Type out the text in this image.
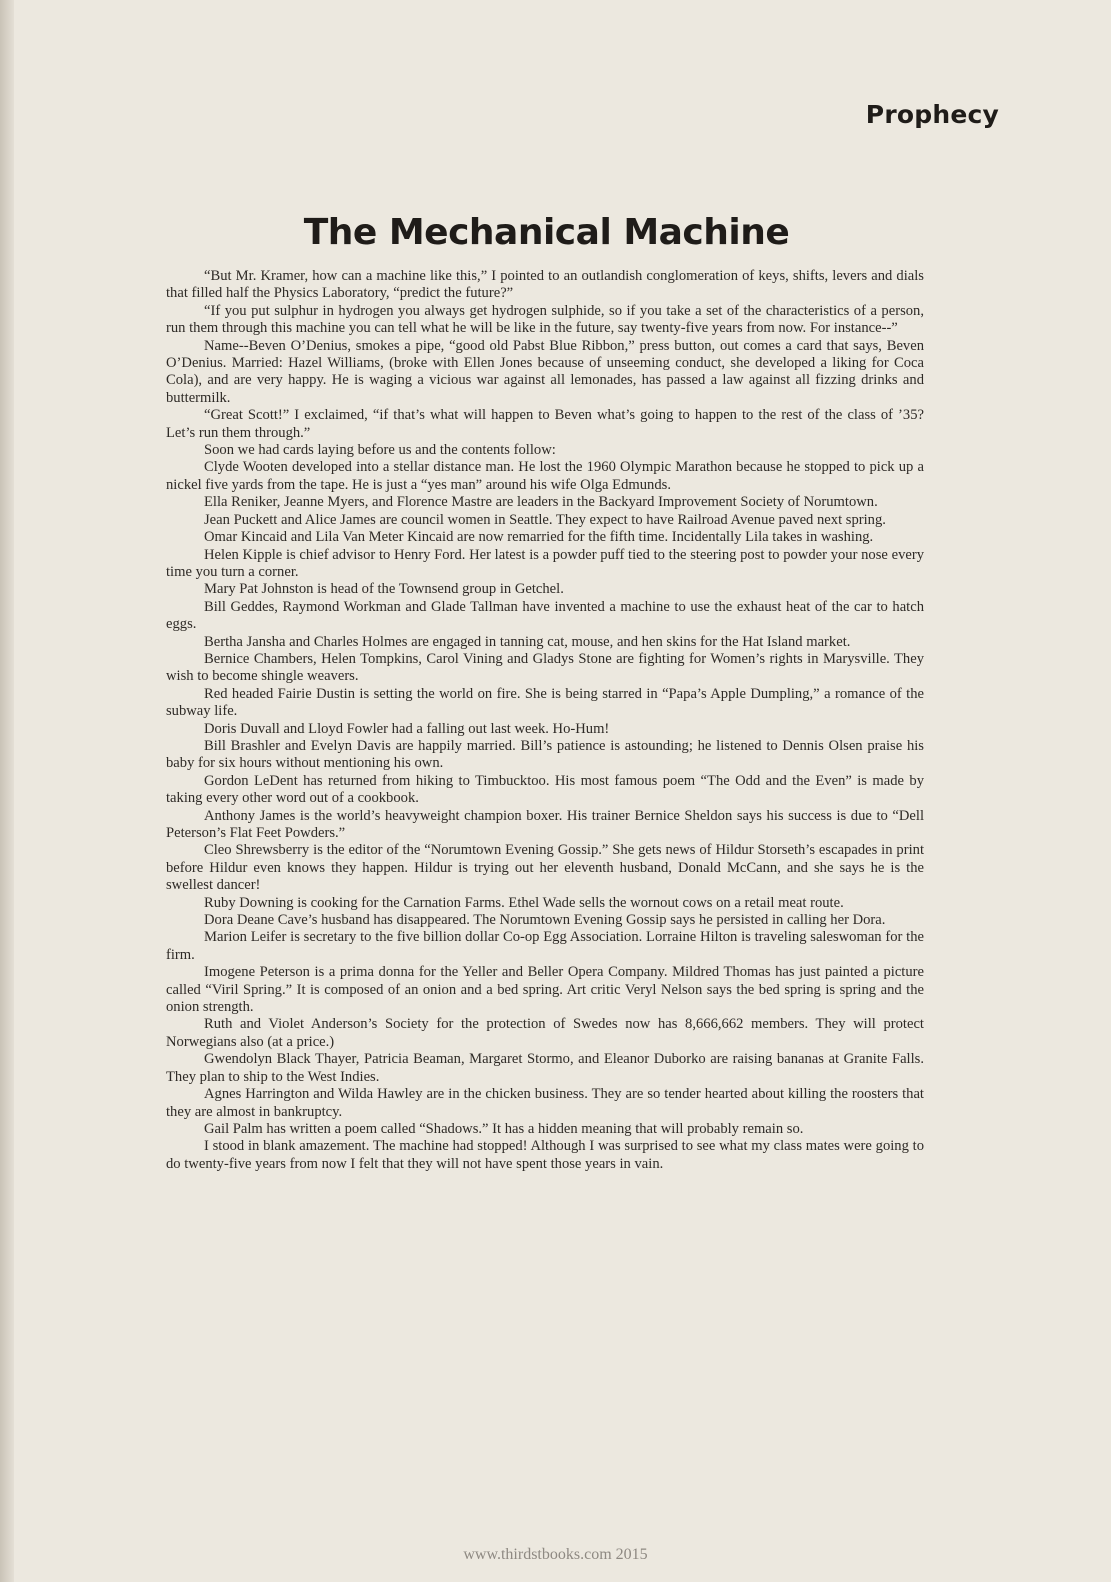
Prophecy
The Mechanical Machine

“But Mr. Kramer, how can a machine like this,” I pointed to an outlandish conglomeration of keys, shifts, levers and dials that filled half the Physics Laboratory, “predict the future?”

“If you put sulphur in hydrogen you always get hydrogen sulphide, so if you take a set of the characteristics of a person, run them through this machine you can tell what he will be like in the future, say twenty-five years from now. For instance--”

Name--Beven O’Denius, smokes a pipe, “good old Pabst Blue Ribbon,” press button, out comes a card that says, Beven O’Denius. Married: Hazel Williams, (broke with Ellen Jones because of unseeming conduct, she developed a liking for Coca Cola), and are very happy. He is waging a vicious war against all lemonades, has passed a law against all fizzing drinks and buttermilk.

“Great Scott!” I exclaimed, “if that’s what will happen to Beven what’s going to happen to the rest of the class of ’35? Let’s run them through.”

Soon we had cards laying before us and the contents follow:

Clyde Wooten developed into a stellar distance man. He lost the 1960 Olympic Marathon because he stopped to pick up a nickel five yards from the tape. He is just a “yes man” around his wife Olga Edmunds.

Ella Reniker, Jeanne Myers, and Florence Mastre are leaders in the Backyard Improvement Society of Norumtown.

Jean Puckett and Alice James are council women in Seattle. They expect to have Railroad Avenue paved next spring.

Omar Kincaid and Lila Van Meter Kincaid are now remarried for the fifth time. Incidentally Lila takes in washing.

Helen Kipple is chief advisor to Henry Ford. Her latest is a powder puff tied to the steering post to powder your nose every time you turn a corner.

Mary Pat Johnston is head of the Townsend group in Getchel.

Bill Geddes, Raymond Workman and Glade Tallman have invented a machine to use the exhaust heat of the car to hatch eggs.

Bertha Jansha and Charles Holmes are engaged in tanning cat, mouse, and hen skins for the Hat Island market.

Bernice Chambers, Helen Tompkins, Carol Vining and Gladys Stone are fighting for Women’s rights in Marysville. They wish to become shingle weavers.

Red headed Fairie Dustin is setting the world on fire. She is being starred in “Papa’s Apple Dumpling,” a romance of the subway life.

Doris Duvall and Lloyd Fowler had a falling out last week. Ho-Hum!

Bill Brashler and Evelyn Davis are happily married. Bill’s patience is astounding; he listened to Dennis Olsen praise his baby for six hours without mentioning his own.

Gordon LeDent has returned from hiking to Timbucktoo. His most famous poem “The Odd and the Even” is made by taking every other word out of a cookbook.

Anthony James is the world’s heavyweight champion boxer. His trainer Bernice Sheldon says his success is due to “Dell Peterson’s Flat Feet Powders.”

Cleo Shrewsberry is the editor of the “Norumtown Evening Gossip.” She gets news of Hildur Storseth’s escapades in print before Hildur even knows they happen. Hildur is trying out her eleventh husband, Donald McCann, and she says he is the swellest dancer!

Ruby Downing is cooking for the Carnation Farms. Ethel Wade sells the wornout cows on a retail meat route.

Dora Deane Cave’s husband has disappeared. The Norumtown Evening Gossip says he persisted in calling her Dora.

Marion Leifer is secretary to the five billion dollar Co-op Egg Association. Lorraine Hilton is traveling saleswoman for the firm.

Imogene Peterson is a prima donna for the Yeller and Beller Opera Company. Mildred Thomas has just painted a picture called “Viril Spring.” It is composed of an onion and a bed spring. Art critic Veryl Nelson says the bed spring is spring and the onion strength.

Ruth and Violet Anderson’s Society for the protection of Swedes now has 8,666,662 members. They will protect Norwegians also (at a price.)

Gwendolyn Black Thayer, Patricia Beaman, Margaret Stormo, and Eleanor Duborko are raising bananas at Granite Falls. They plan to ship to the West Indies.

Agnes Harrington and Wilda Hawley are in the chicken business. They are so tender hearted about killing the roosters that they are almost in bankruptcy.

Gail Palm has written a poem called “Shadows.” It has a hidden meaning that will probably remain so.

I stood in blank amazement. The machine had stopped! Although I was surprised to see what my class mates were going to do twenty-five years from now I felt that they will not have spent those years in vain.

www.thirdstbooks.com 2015
